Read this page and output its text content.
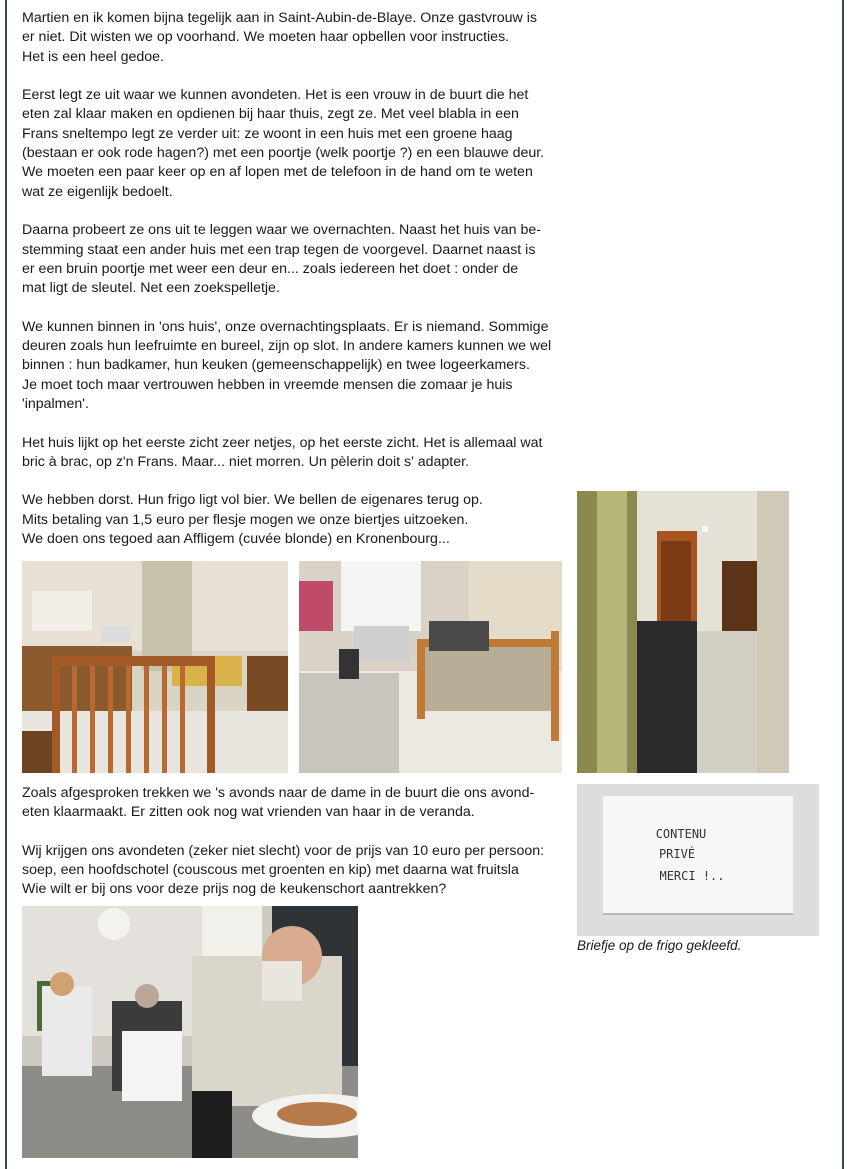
Martien en ik komen bijna tegelijk aan in Saint-Aubin-de-Blaye. Onze gastvrouw is
er niet. Dit wisten we op voorhand. We moeten haar opbellen voor instructies.
Het is een heel gedoe.

Eerst legt ze uit waar we kunnen avondeten. Het is een vrouw in de buurt die het
eten zal klaar maken en opdienen bij haar thuis, zegt ze. Met veel blabla in een
Frans sneltempo legt ze verder uit: ze woont in een huis met een groene haag
(bestaan er ook rode hagen?) met een poortje (welk poortje ?) en een blauwe deur.
We moeten een paar keer op en af lopen met de telefoon in de hand om te weten
wat ze eigenlijk bedoelt.

Daarna probeert ze ons uit te leggen waar we overnachten. Naast het huis van be-
stemming staat een ander huis met een trap tegen de voorgevel. Daarnet naast is
er een bruin poortje met weer een deur en... zoals iedereen het doet : onder de
mat ligt de sleutel. Net een zoekspelletje.

We kunnen binnen in 'ons huis', onze overnachtingsplaats. Er is niemand. Sommige
deuren zoals hun leefruimte en bureel, zijn op slot. In andere kamers kunnen we wel
binnen : hun badkamer, hun keuken (gemeenschappelijk) en twee logeerkamers.
Je moet toch maar vertrouwen hebben in vreemde mensen die zomaar je huis
'inpalmen'.

Het huis lijkt op het eerste zicht zeer netjes, op het eerste zicht. Het is allemaal wat
bric à brac, op z'n Frans. Maar... niet morren. Un pèlerin doit s' adapter.

We hebben dorst. Hun frigo ligt vol bier. We bellen de eigenares terug op.
Mits betaling van 1,5 euro per flesje mogen we onze biertjes uitzoeken.
We doen ons tegoed aan Affligem (cuvée blonde) en Kronenbourg...

Zoals afgesproken trekken we 's avonds naar de dame in de buurt die ons avond-
eten klaarmaakt. Er zitten ook nog wat vrienden van haar in de veranda.

Wij krijgen ons avondeten (zeker niet slecht) voor de prijs van 10 euro per persoon:
soep, een hoofdschotel (couscous met groenten en kip) met daarna wat fruitsla
Wie wilt er bij ons voor deze prijs nog de keukenschort aantrekken?

CONTENU
PRIVÉ
MERCI !..
Briefje op de frigo gekleefd.
